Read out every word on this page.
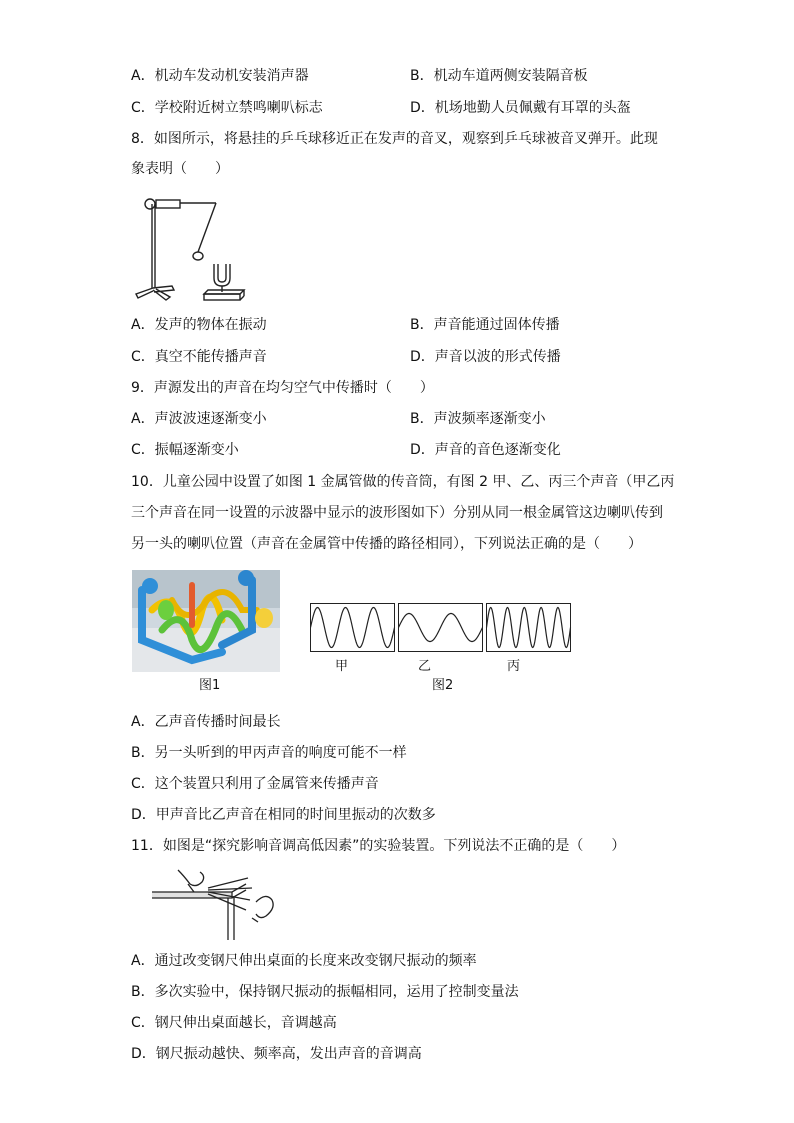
A．机动车发动机安装消声器	B．机动车道两侧安装隔音板
C．学校附近树立禁鸣喇叭标志	D．机场地勤人员佩戴有耳罩的头盔
8．如图所示，将悬挂的乒乓球移近正在发声的音叉，观察到乒乓球被音叉弹开。此现
象表明（　　）
A．发声的物体在振动	B．声音能通过固体传播
C．真空不能传播声音	D．声音以波的形式传播
9．声源发出的声音在均匀空气中传播时（　　）
A．声波波速逐渐变小	B．声波频率逐渐变小
C．振幅逐渐变小	D．声音的音色逐渐变化
10．儿童公园中设置了如图 1 金属管做的传音筒，有图 2 甲、乙、丙三个声音（甲乙丙
三个声音在同一设置的示波器中显示的波形图如下）分别从同一根金属管这边喇叭传到
另一头的喇叭位置（声音在金属管中传播的路径相同），下列说法正确的是（　　）
图1
甲	乙	丙
图2
A．乙声音传播时间最长
B．另一头听到的甲丙声音的响度可能不一样
C．这个装置只利用了金属管来传播声音
D．甲声音比乙声音在相同的时间里振动的次数多
11．如图是“探究影响音调高低因素”的实验装置。下列说法不正确的是（　　）
A．通过改变钢尺伸出桌面的长度来改变钢尺振动的频率
B．多次实验中，保持钢尺振动的振幅相同，运用了控制变量法
C．钢尺伸出桌面越长，音调越高
D．钢尺振动越快、频率高，发出声音的音调高
